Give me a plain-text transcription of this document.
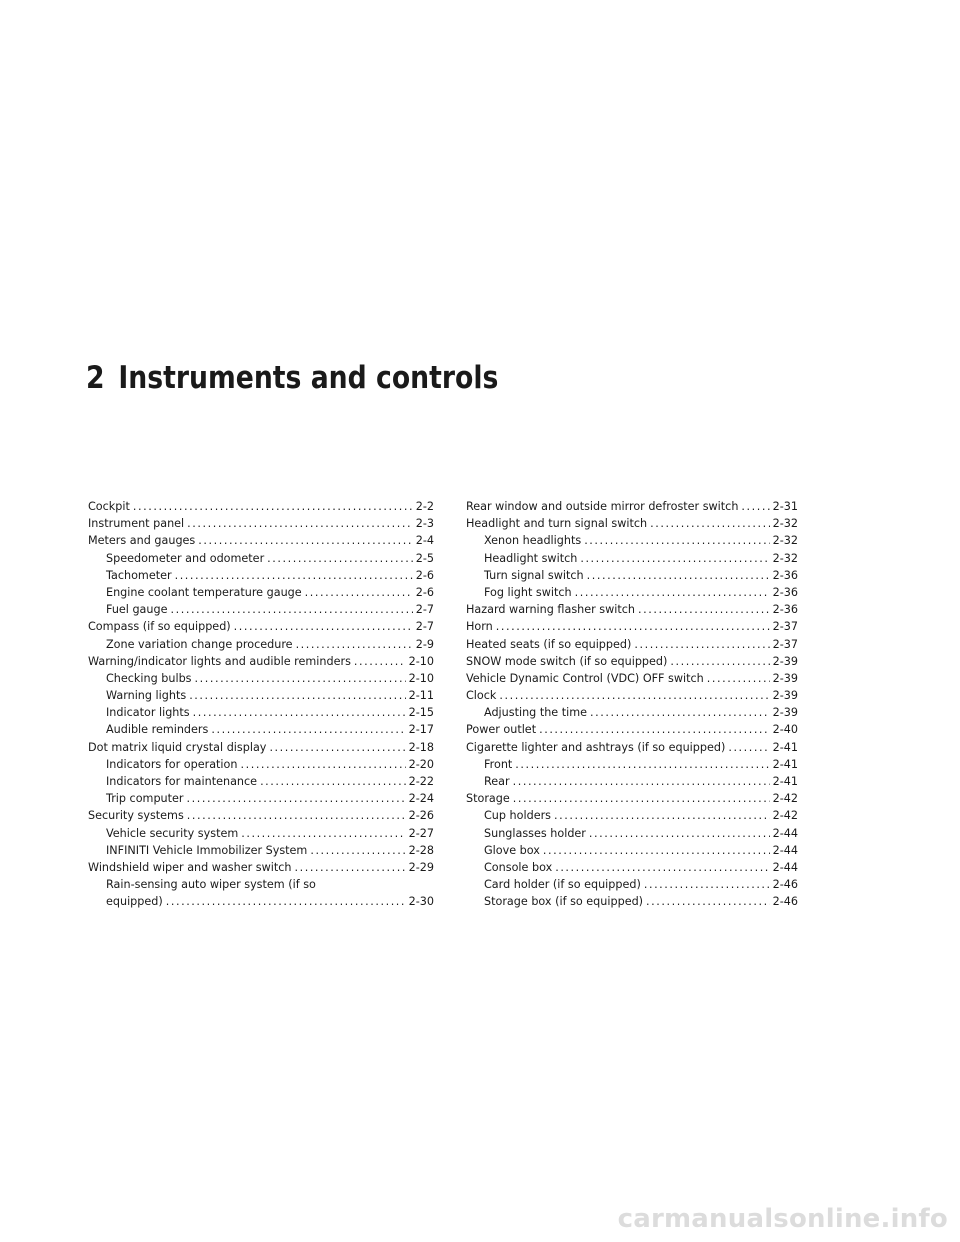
2 Instruments and controls
Cockpit . . .	2-2
Instrument panel . . .	2-3
Meters and gauges . . .	2-4
Speedometer and odometer . . .	2-5
Tachometer . . .	2-6
Engine coolant temperature gauge . . .	2-6
Fuel gauge . . .	2-7
Compass (if so equipped) . . .	2-7
Zone variation change procedure . . .	2-9
Warning/indicator lights and audible reminders . . .	2-10
Checking bulbs . . .	2-10
Warning lights . . .	2-11
Indicator lights . . .	2-15
Audible reminders . . .	2-17
Dot matrix liquid crystal display . . .	2-18
Indicators for operation . . .	2-20
Indicators for maintenance . . .	2-22
Trip computer . . .	2-24
Security systems . . .	2-26
Vehicle security system . . .	2-27
INFINITI Vehicle Immobilizer System . . .	2-28
Windshield wiper and washer switch . . .	2-29
Rain-sensing auto wiper system (if so
equipped) . . .	2-30
Rear window and outside mirror defroster switch . . .	2-31
Headlight and turn signal switch . . .	2-32
Xenon headlights . . .	2-32
Headlight switch . . .	2-32
Turn signal switch . . .	2-36
Fog light switch . . .	2-36
Hazard warning flasher switch . . .	2-36
Horn . . .	2-37
Heated seats (if so equipped) . . .	2-37
SNOW mode switch (if so equipped) . . .	2-39
Vehicle Dynamic Control (VDC) OFF switch . . .	2-39
Clock . . .	2-39
Adjusting the time . . .	2-39
Power outlet . . .	2-40
Cigarette lighter and ashtrays (if so equipped) . . .	2-41
Front . . .	2-41
Rear . . .	2-41
Storage . . .	2-42
Cup holders . . .	2-42
Sunglasses holder . . .	2-44
Glove box . . .	2-44
Console box . . .	2-44
Card holder (if so equipped) . . .	2-46
Storage box (if so equipped) . . .	2-46
carmanualsonline.info
